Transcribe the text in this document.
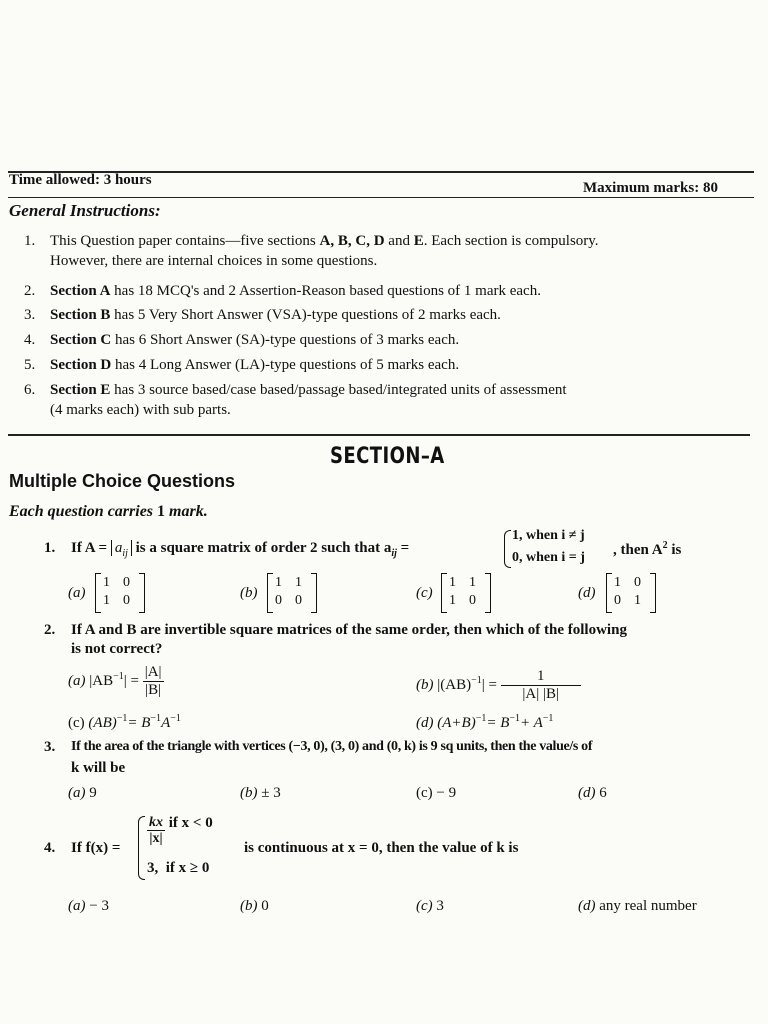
Time allowed: 3 hours	Maximum marks: 80
General Instructions:
1. This Question paper contains—five sections A, B, C, D and E. Each section is compulsory.
However, there are internal choices in some questions.
2. Section A has 18 MCQ's and 2 Assertion-Reason based questions of 1 mark each.
3. Section B has 5 Very Short Answer (VSA)-type questions of 2 marks each.
4. Section C has 6 Short Answer (SA)-type questions of 3 marks each.
5. Section D has 4 Long Answer (LA)-type questions of 5 marks each.
6. Section E has 3 source based/case based/passage based/integrated units of assessment
(4 marks each) with sub parts.
SECTION–A
Multiple Choice Questions
Each question carries 1 mark.
1. If $A = a_{ij}$ is a square matrix of order 2 such that $a_{ij}$ =
1, when i ≠ j
0, when i = j , then $A^2$ is
(a)
1 0
1 0	(b)
1 1
0 0	(c)
1 1
1 0	(d)
1 0
0 1
2. If A and B are invertible square matrices of the same order, then which of the following
is not correct?
(a) $|AB^{-1}| = \frac{|A|}{|B|}$	(b) $|(AB)^{-1}| = \frac{1}{|A| |B|}$
(c) $(AB)^{-1}= B^{-1}A^{-1}$	(d) $(A+B)^{-1}= B^{-1}+ A^{-1}$
3. If the area of the triangle with vertices (−3, 0), (3, 0) and (0, k) is 9 sq units, then the value/s of
k will be
(a) 9	(b) ± 3	(c) − 9	(d) 6
4. If f(x) =
$\frac{kx}{|x|}$ if x < 0
3, if x ≥ 0
is continuous at x = 0, then the value of k is
(a) − 3	(b) 0	(c) 3	(d) any real number
